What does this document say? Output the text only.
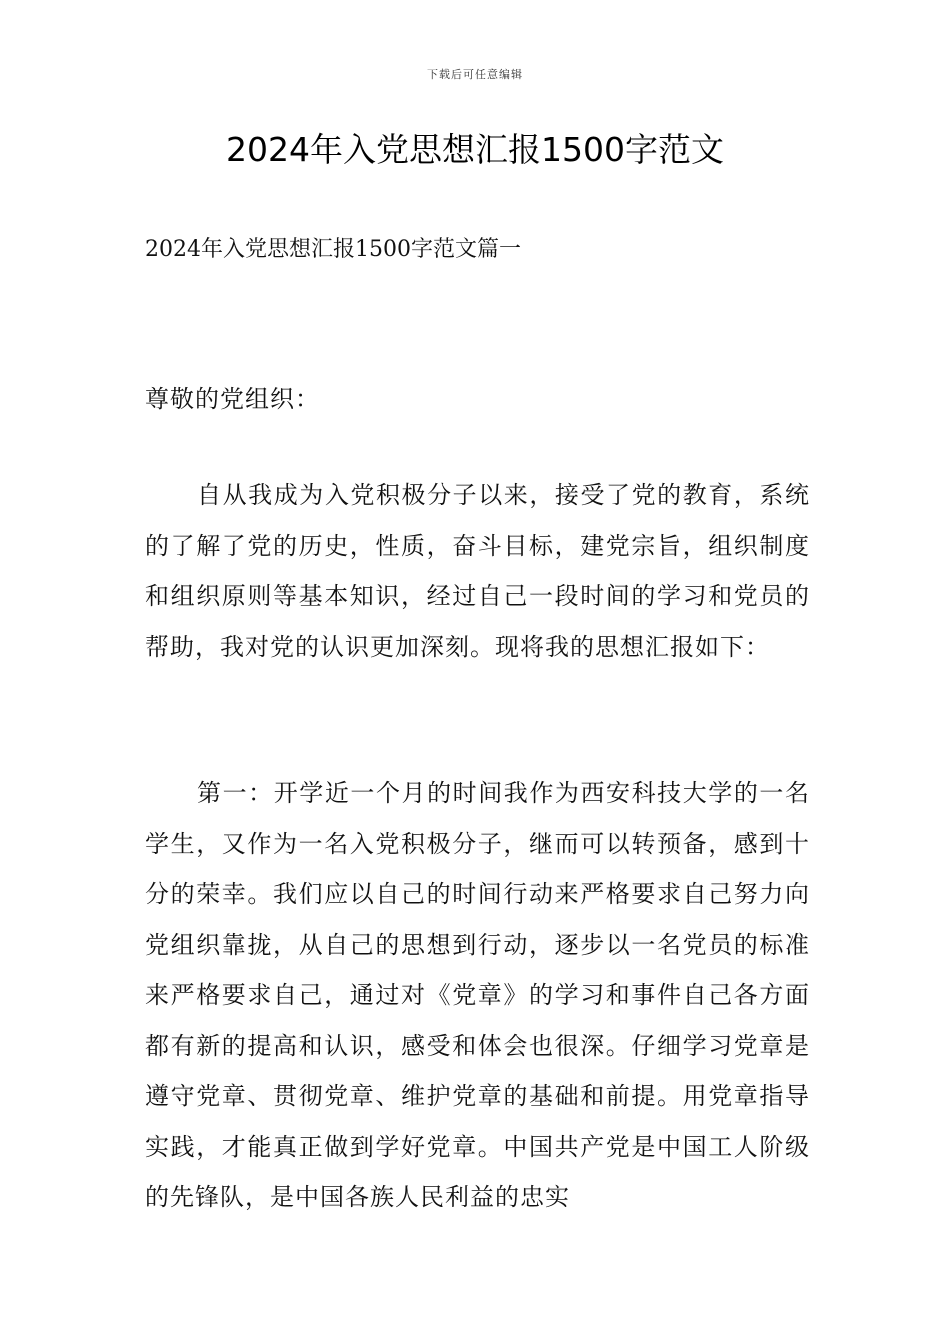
下载后可任意编辑
2024年入党思想汇报1500字范文
2024年入党思想汇报1500字范文篇一

尊敬的党组织：

自从我成为入党积极分子以来，接受了党的教育，系统的了解了党的历史，性质，奋斗目标，建党宗旨，组织制度和组织原则等基本知识，经过自己一段时间的学习和党员的帮助，我对党的认识更加深刻。现将我的思想汇报如下：

第一：开学近一个月的时间我作为西安科技大学的一名学生，又作为一名入党积极分子，继而可以转预备，感到十分的荣幸。我们应以自己的时间行动来严格要求自己努力向党组织靠拢，从自己的思想到行动，逐步以一名党员的标准来严格要求自己，通过对《党章》的学习和事件自己各方面都有新的提高和认识，感受和体会也很深。仔细学习党章是遵守党章、贯彻党章、维护党章的基础和前提。用党章指导实践，才能真正做到学好党章。中国共产党是中国工人阶级的先锋队，是中国各族人民利益的忠实
